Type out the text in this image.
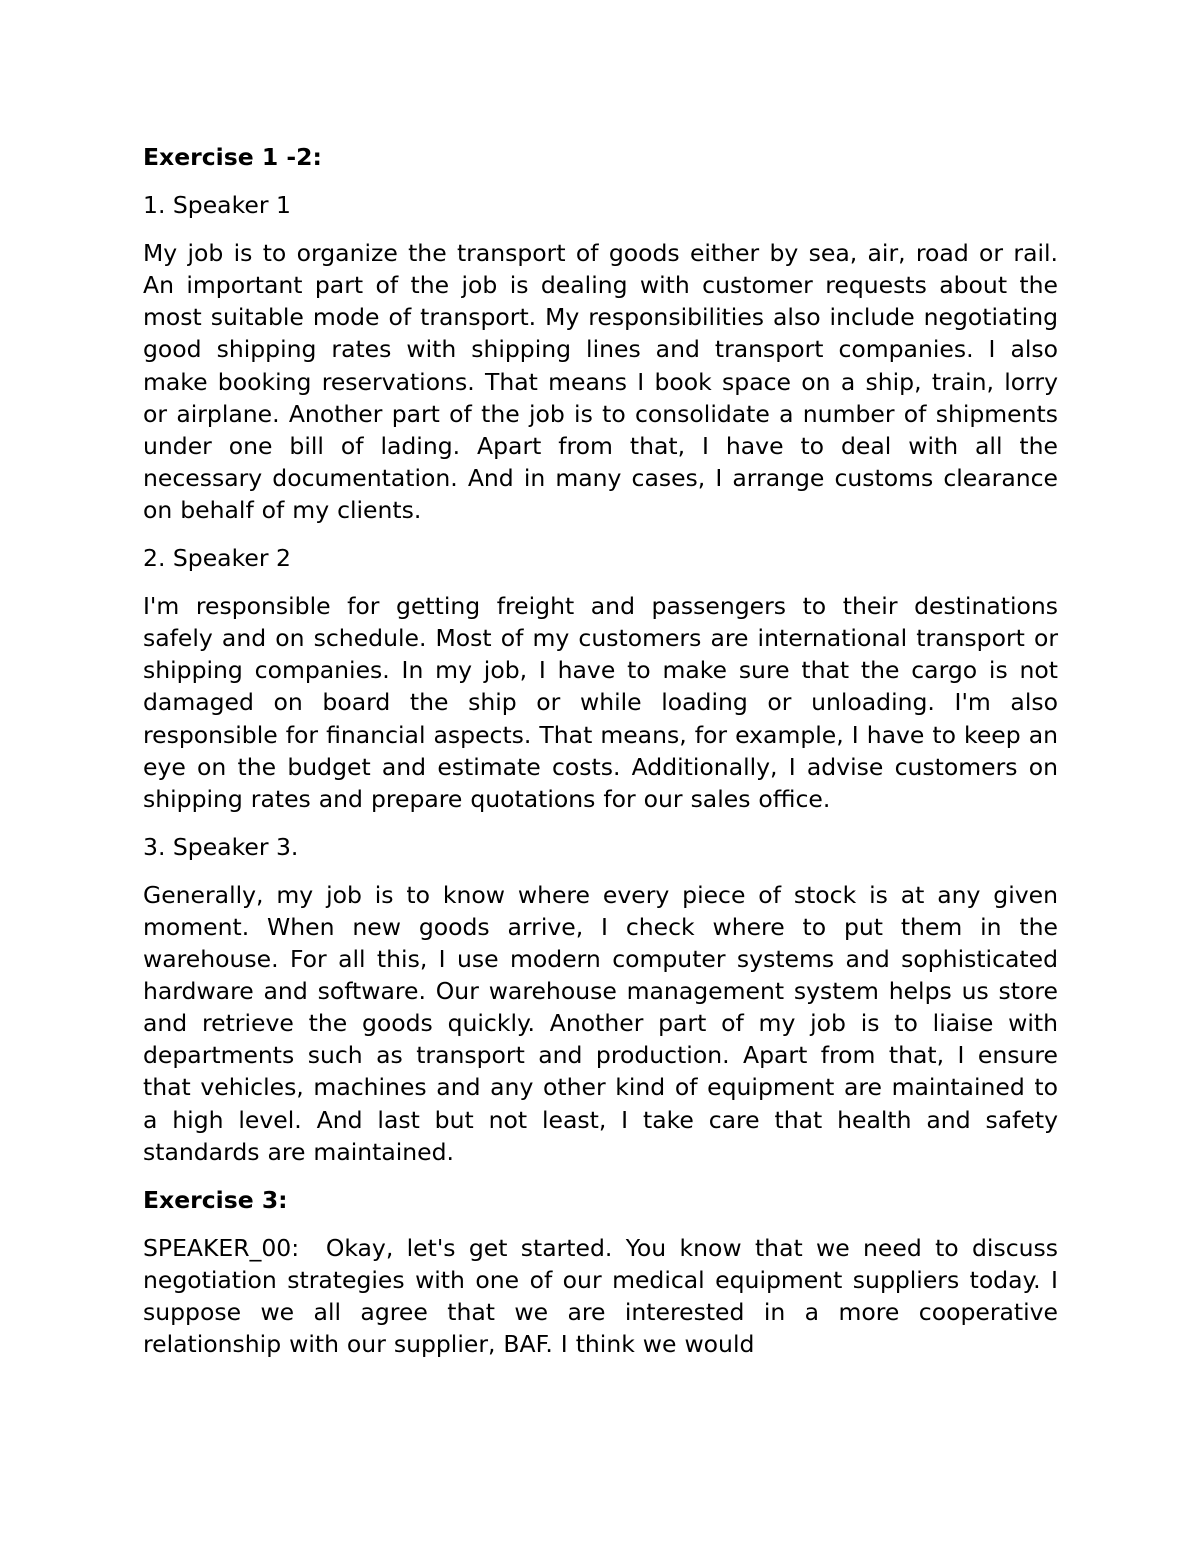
Exercise 1 -2:
1. Speaker 1
My job is to organize the transport of goods either by sea, air, road or rail. An important part of the job is dealing with customer requests about the most suitable mode of transport. My responsibilities also include negotiating good shipping rates with shipping lines and transport companies. I also make booking reservations. That means I book space on a ship, train, lorry or airplane. Another part of the job is to consolidate a number of shipments under one bill of lading. Apart from that, I have to deal with all the necessary documentation. And in many cases, I arrange customs clearance on behalf of my clients.
2. Speaker 2
I'm responsible for getting freight and passengers to their destinations safely and on schedule. Most of my customers are international transport or shipping companies. In my job, I have to make sure that the cargo is not damaged on board the ship or while loading or unloading. I'm also responsible for financial aspects. That means, for example, I have to keep an eye on the budget and estimate costs. Additionally, I advise customers on shipping rates and prepare quotations for our sales office.
3. Speaker 3.
Generally, my job is to know where every piece of stock is at any given moment. When new goods arrive, I check where to put them in the warehouse. For all this, I use modern computer systems and sophisticated hardware and software. Our warehouse management system helps us store and retrieve the goods quickly. Another part of my job is to liaise with departments such as transport and production. Apart from that, I ensure that vehicles, machines and any other kind of equipment are maintained to a high level. And last but not least, I take care that health and safety standards are maintained.
Exercise 3:
SPEAKER_00:  Okay, let's get started. You know that we need to discuss negotiation strategies with one of our medical equipment suppliers today. I suppose we all agree that we are interested in a more cooperative relationship with our supplier, BAF. I think we would
